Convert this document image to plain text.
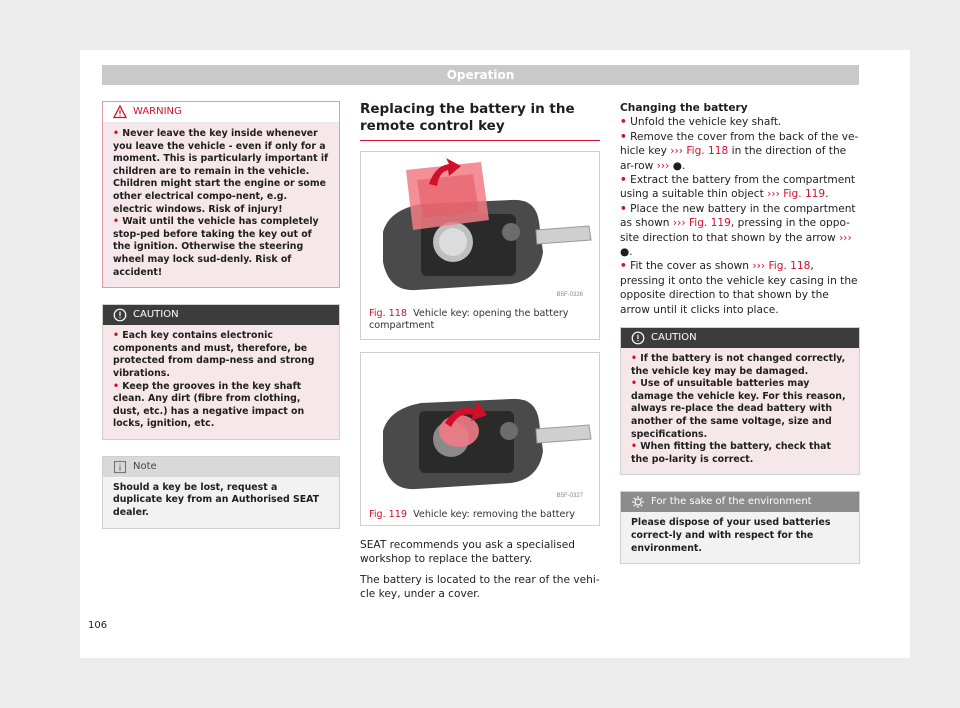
Operation
WARNING
• Never leave the key inside whenever you leave the vehicle - even if only for a moment. This is particularly important if children are to remain in the vehicle. Children might start the engine or some other electrical compo-nent, e.g. electric windows. Risk of injury!
• Wait until the vehicle has completely stop-ped before taking the key out of the ignition. Otherwise the steering wheel may lock sud-denly. Risk of accident!
CAUTION
• Each key contains electronic components and must, therefore, be protected from damp-ness and strong vibrations.
• Keep the grooves in the key shaft clean. Any dirt (fibre from clothing, dust, etc.) has a negative impact on locks, ignition, etc.
Note
Should a key be lost, request a duplicate key from an Authorised SEAT dealer.
Replacing the battery in the remote control key
B5F-0326
Fig. 118 Vehicle key: opening the battery compartment
B5F-0327
Fig. 119 Vehicle key: removing the battery
SEAT recommends you ask a specialised workshop to replace the battery.
The battery is located to the rear of the vehi-cle key, under a cover.
Changing the battery
• Unfold the vehicle key shaft.
• Remove the cover from the back of the ve-hicle key ››› Fig. 118 in the direction of the ar-row ››› ●.
• Extract the battery from the compartment using a suitable thin object ››› Fig. 119.
• Place the new battery in the compartment as shown ››› Fig. 119, pressing in the oppo-site direction to that shown by the arrow ››› ●.
• Fit the cover as shown ››› Fig. 118, pressing it onto the vehicle key casing in the opposite direction to that shown by the arrow until it clicks into place.
CAUTION
• If the battery is not changed correctly, the vehicle key may be damaged.
• Use of unsuitable batteries may damage the vehicle key. For this reason, always re-place the dead battery with another of the same voltage, size and specifications.
• When fitting the battery, check that the po-larity is correct.
For the sake of the environment
Please dispose of your used batteries correct-ly and with respect for the environment.
106
